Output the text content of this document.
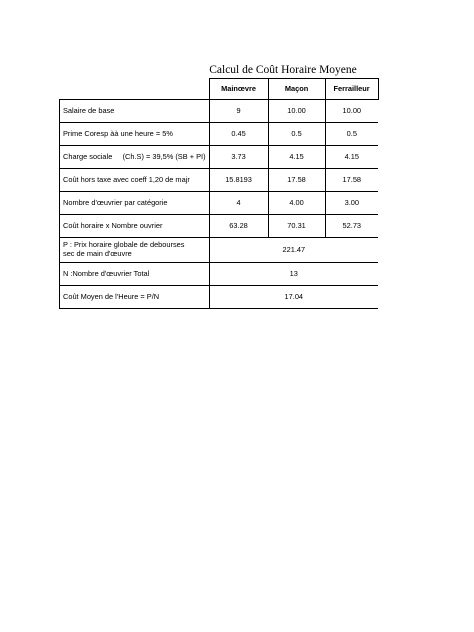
Calcul de Coût Horaire Moyene
	Mainœvre	Maçon	Ferrailleur
Salaire de base	9	10.00	10.00
Prime Coresp àà une heure = 5%	0.45	0.5	0.5
Charge sociale     (Ch.S) = 39,5% (SB + PI)	3.73	4.15	4.15
Coût hors taxe avec coeff 1,20 de majr	15.8193	17.58	17.58
Nombre d'œuvrier par catégorie	4	4.00	3.00
Coût horaire x Nombre ouvrier	63.28	70.31	52.73
P : Prix horaire globale de debourses
sec de main d'œuvre	221.47		
N :Nombre d'œuvrier Total	13		
Coût Moyen de l'Heure = P/N	17.04		
